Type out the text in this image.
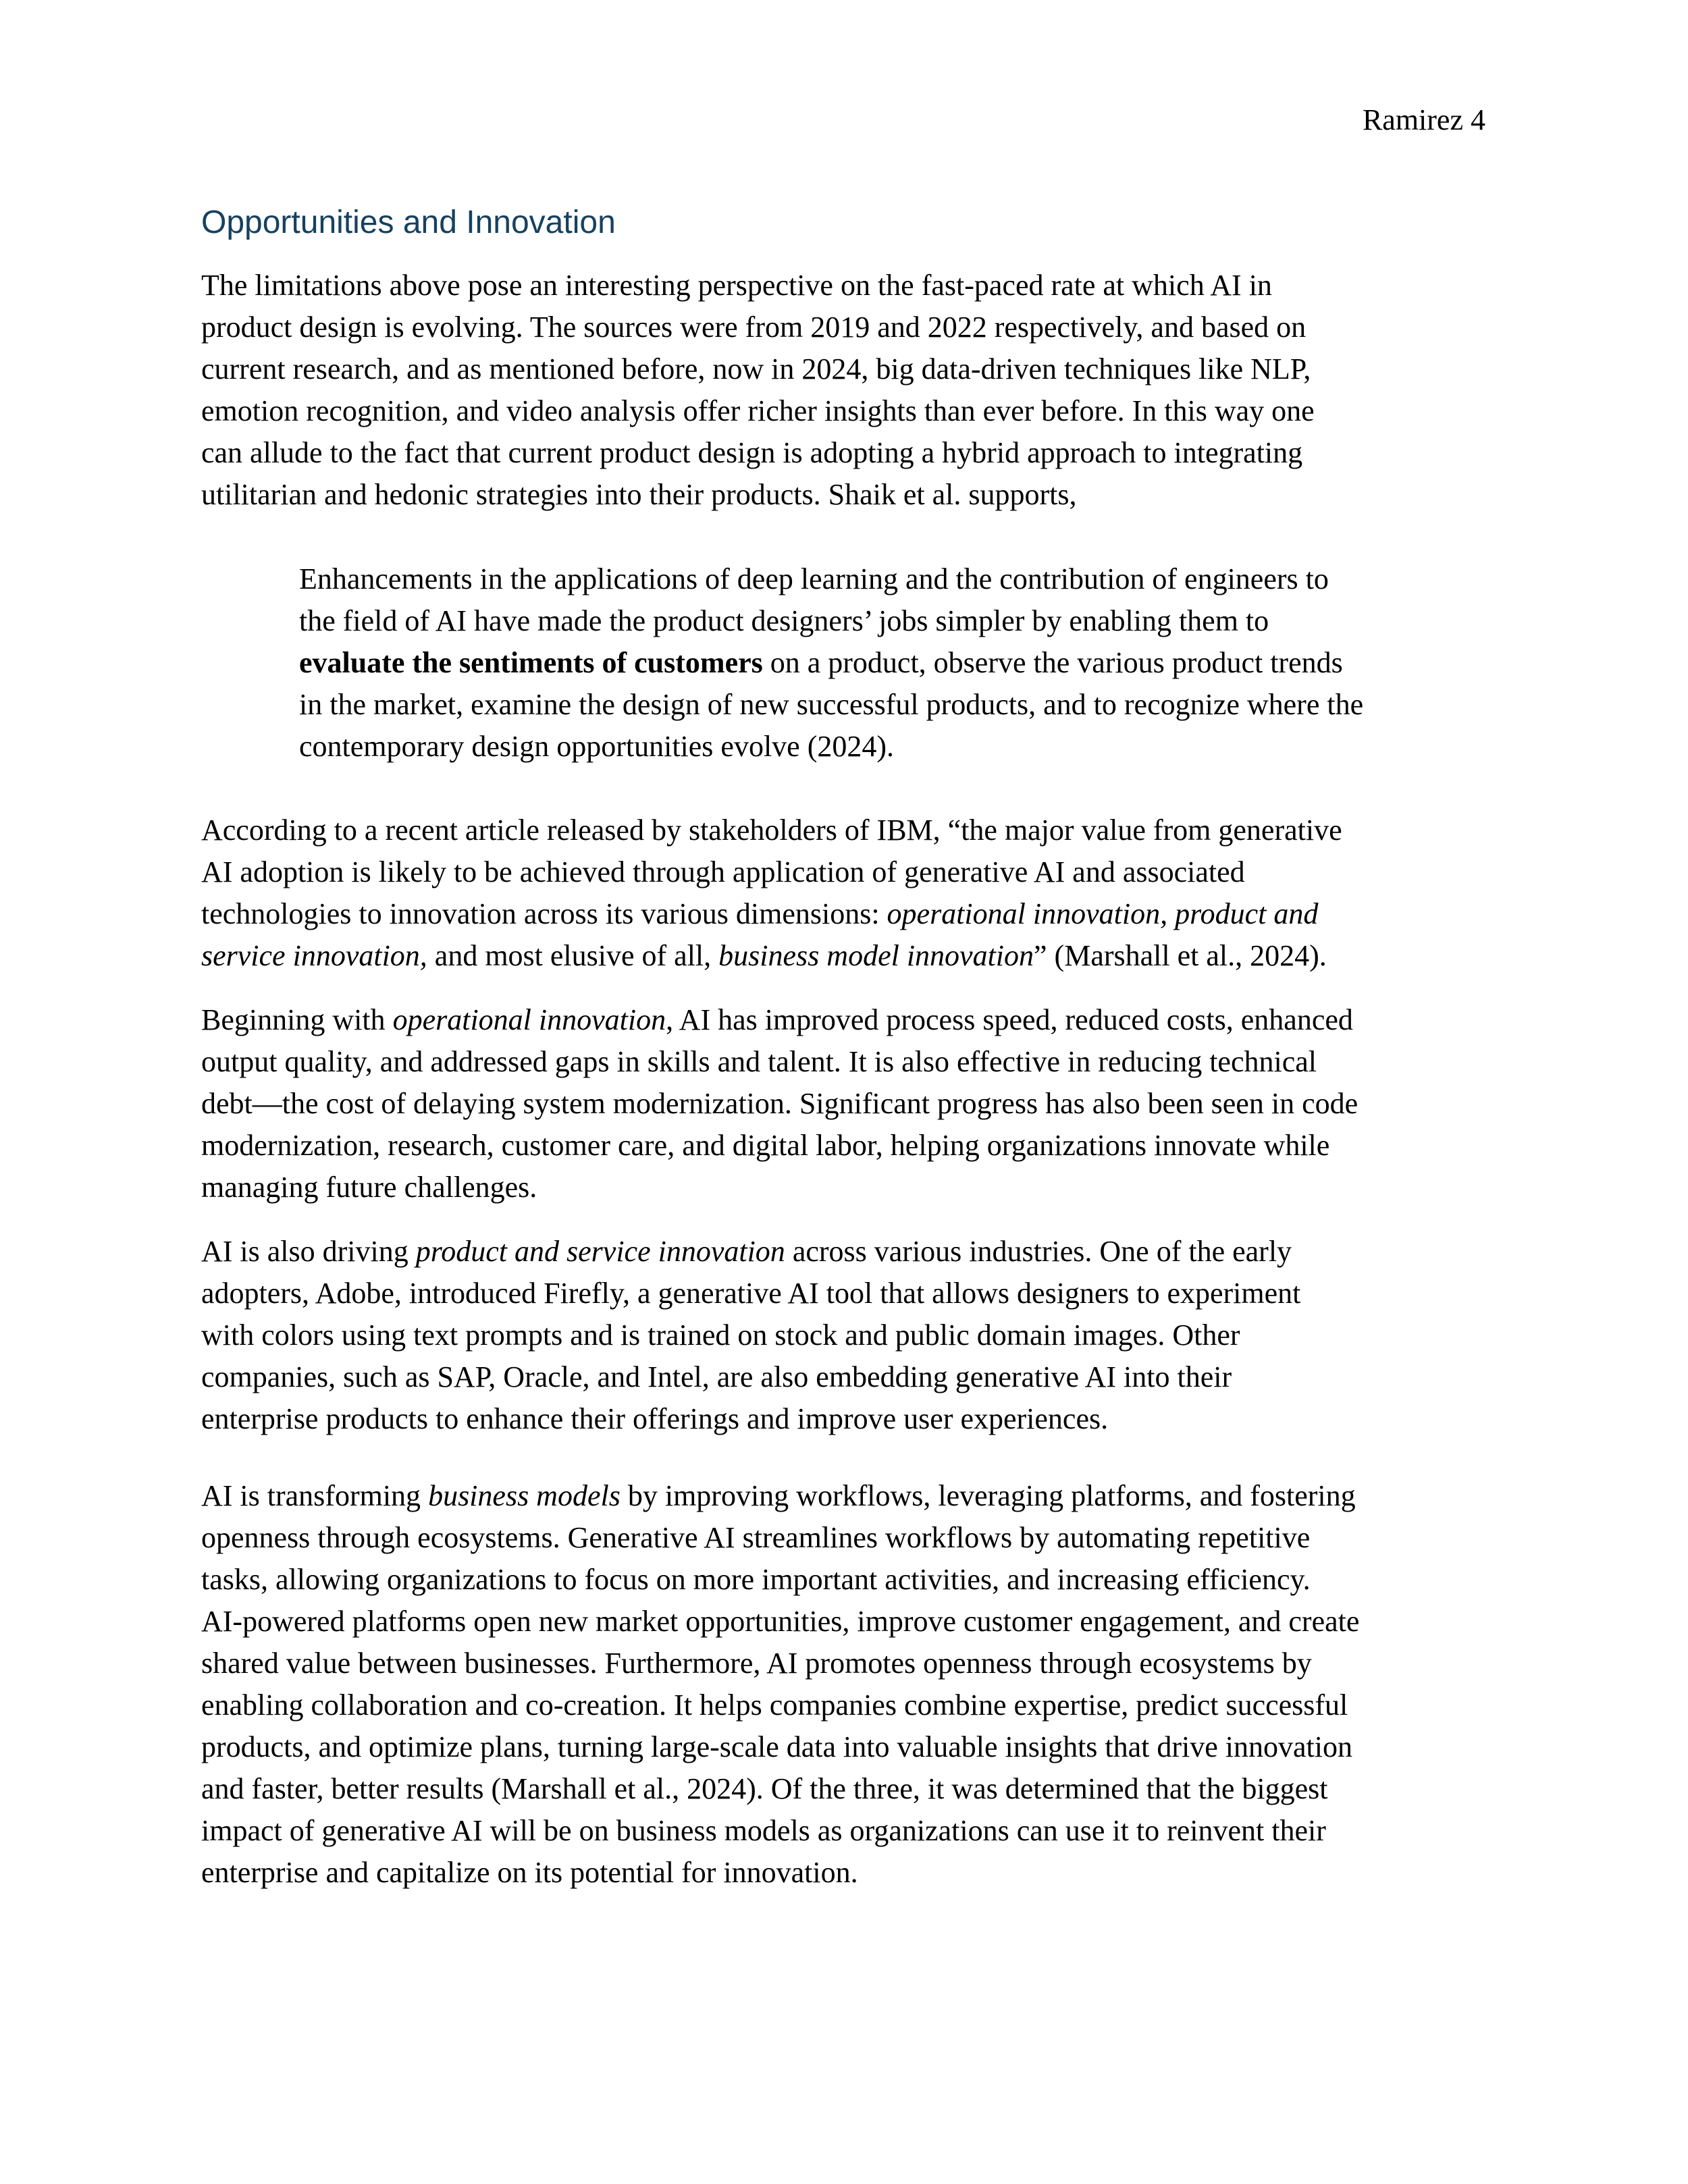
Ramirez 4
Opportunities and Innovation
The limitations above pose an interesting perspective on the fast-paced rate at which AI in
product design is evolving. The sources were from 2019 and 2022 respectively, and based on
current research, and as mentioned before, now in 2024, big data-driven techniques like NLP,
emotion recognition, and video analysis offer richer insights than ever before. In this way one
can allude to the fact that current product design is adopting a hybrid approach to integrating
utilitarian and hedonic strategies into their products. Shaik et al. supports,
Enhancements in the applications of deep learning and the contribution of engineers to
the field of AI have made the product designers’ jobs simpler by enabling them to
evaluate the sentiments of customers on a product, observe the various product trends
in the market, examine the design of new successful products, and to recognize where the
contemporary design opportunities evolve (2024).
According to a recent article released by stakeholders of IBM, “the major value from generative
AI adoption is likely to be achieved through application of generative AI and associated
technologies to innovation across its various dimensions: operational innovation, product and
service innovation, and most elusive of all, business model innovation” (Marshall et al., 2024).
Beginning with operational innovation, AI has improved process speed, reduced costs, enhanced
output quality, and addressed gaps in skills and talent. It is also effective in reducing technical
debt—the cost of delaying system modernization. Significant progress has also been seen in code
modernization, research, customer care, and digital labor, helping organizations innovate while
managing future challenges.
AI is also driving product and service innovation across various industries. One of the early
adopters, Adobe, introduced Firefly, a generative AI tool that allows designers to experiment
with colors using text prompts and is trained on stock and public domain images. Other
companies, such as SAP, Oracle, and Intel, are also embedding generative AI into their
enterprise products to enhance their offerings and improve user experiences.
AI is transforming business models by improving workflows, leveraging platforms, and fostering
openness through ecosystems. Generative AI streamlines workflows by automating repetitive
tasks, allowing organizations to focus on more important activities, and increasing efficiency.
AI-powered platforms open new market opportunities, improve customer engagement, and create
shared value between businesses. Furthermore, AI promotes openness through ecosystems by
enabling collaboration and co-creation. It helps companies combine expertise, predict successful
products, and optimize plans, turning large-scale data into valuable insights that drive innovation
and faster, better results (Marshall et al., 2024). Of the three, it was determined that the biggest
impact of generative AI will be on business models as organizations can use it to reinvent their
enterprise and capitalize on its potential for innovation.
